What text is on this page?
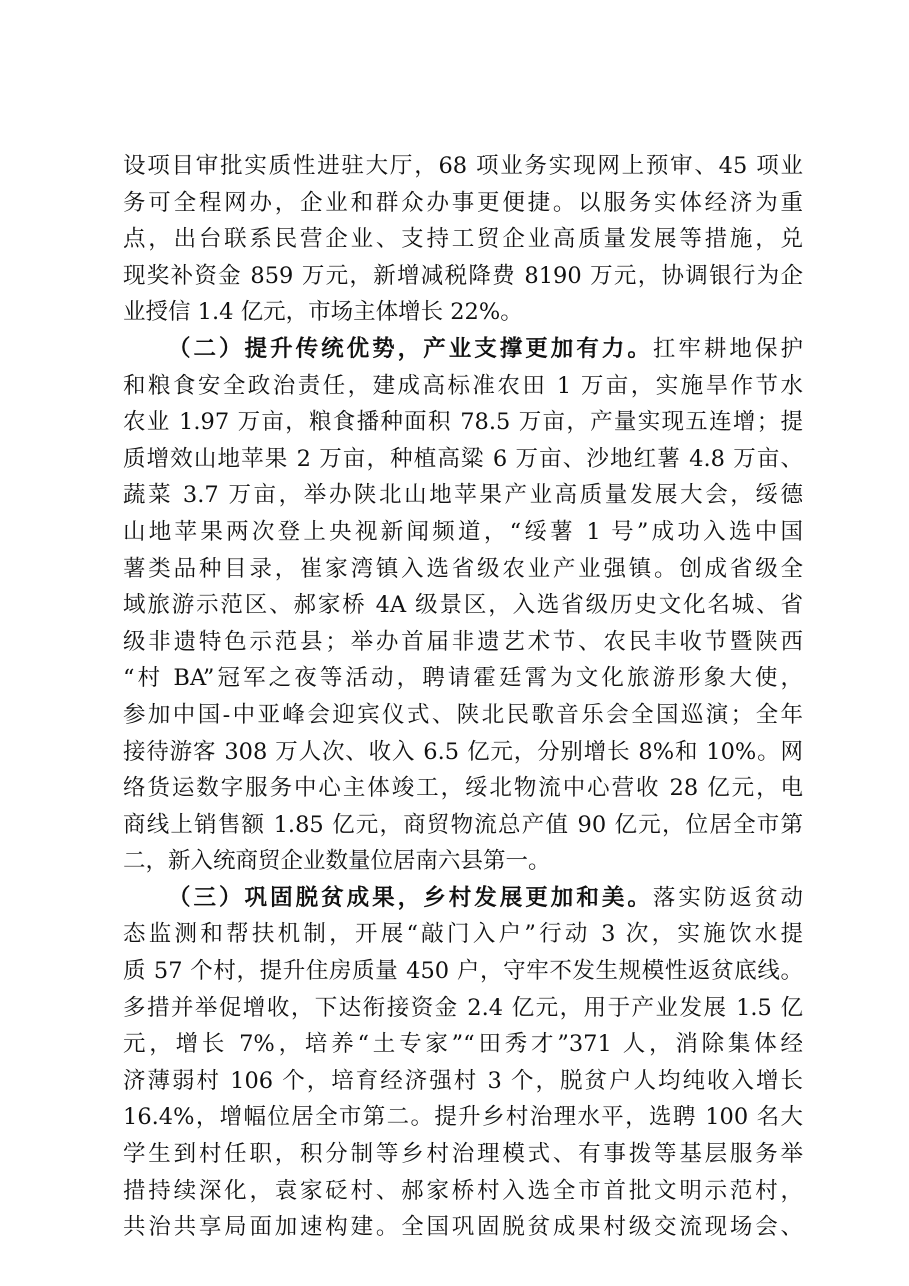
设项目审批实质性进驻大厅，68 项业务实现网上预审、45 项业
务可全程网办，企业和群众办事更便捷。以服务实体经济为重
点，出台联系民营企业、支持工贸企业高质量发展等措施，兑
现奖补资金 859 万元，新增减税降费 8190 万元，协调银行为企
业授信 1.4 亿元，市场主体增长 22%。
（二）提升传统优势，产业支撑更加有力。扛牢耕地保护
和粮食安全政治责任，建成高标准农田 1 万亩，实施旱作节水
农业 1.97 万亩，粮食播种面积 78.5 万亩，产量实现五连增；提
质增效山地苹果 2 万亩，种植高粱 6 万亩、沙地红薯 4.8 万亩、
蔬菜 3.7 万亩，举办陕北山地苹果产业高质量发展大会，绥德
山地苹果两次登上央视新闻频道，“绥薯 1 号”成功入选中国
薯类品种目录，崔家湾镇入选省级农业产业强镇。创成省级全
域旅游示范区、郝家桥 4A 级景区，入选省级历史文化名城、省
级非遗特色示范县；举办首届非遗艺术节、农民丰收节暨陕西
“村 BA”冠军之夜等活动，聘请霍廷霄为文化旅游形象大使，
参加中国-中亚峰会迎宾仪式、陕北民歌音乐会全国巡演；全年
接待游客 308 万人次、收入 6.5 亿元，分别增长 8%和 10%。网
络货运数字服务中心主体竣工，绥北物流中心营收 28 亿元，电
商线上销售额 1.85 亿元，商贸物流总产值 90 亿元，位居全市第
二，新入统商贸企业数量位居南六县第一。
（三）巩固脱贫成果，乡村发展更加和美。落实防返贫动
态监测和帮扶机制，开展“敲门入户”行动 3 次，实施饮水提
质 57 个村，提升住房质量 450 户，守牢不发生规模性返贫底线。
多措并举促增收，下达衔接资金 2.4 亿元，用于产业发展 1.5 亿
元，增长 7%，培养“土专家”“田秀才”371 人，消除集体经
济薄弱村 106 个，培育经济强村 3 个，脱贫户人均纯收入增长
16.4%，增幅位居全市第二。提升乡村治理水平，选聘 100 名大
学生到村任职，积分制等乡村治理模式、有事拨等基层服务举
措持续深化，袁家砭村、郝家桥村入选全市首批文明示范村，
共治共享局面加速构建。全国巩固脱贫成果村级交流现场会、
